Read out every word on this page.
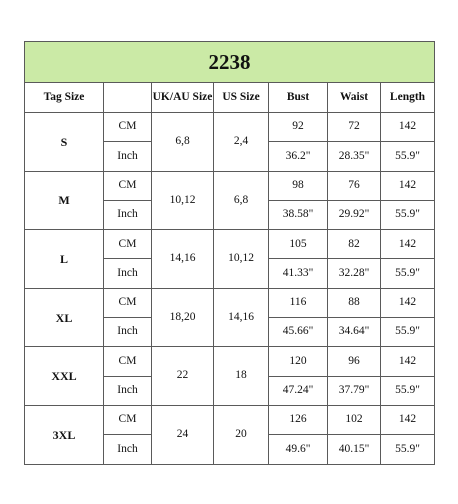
2238						
Tag Size		UK/AU Size	US Size	Bust	Waist	Length
S	CM	6,8	2,4	92	72	142
	Inch			36.2"	28.35"	55.9"
M	CM	10,12	6,8	98	76	142
	Inch			38.58"	29.92"	55.9"
L	CM	14,16	10,12	105	82	142
	Inch			41.33"	32.28"	55.9"
XL	CM	18,20	14,16	116	88	142
	Inch			45.66"	34.64"	55.9"
XXL	CM	22	18	120	96	142
	Inch			47.24"	37.79"	55.9"
3XL	CM	24	20	126	102	142
	Inch			49.6"	40.15"	55.9"
